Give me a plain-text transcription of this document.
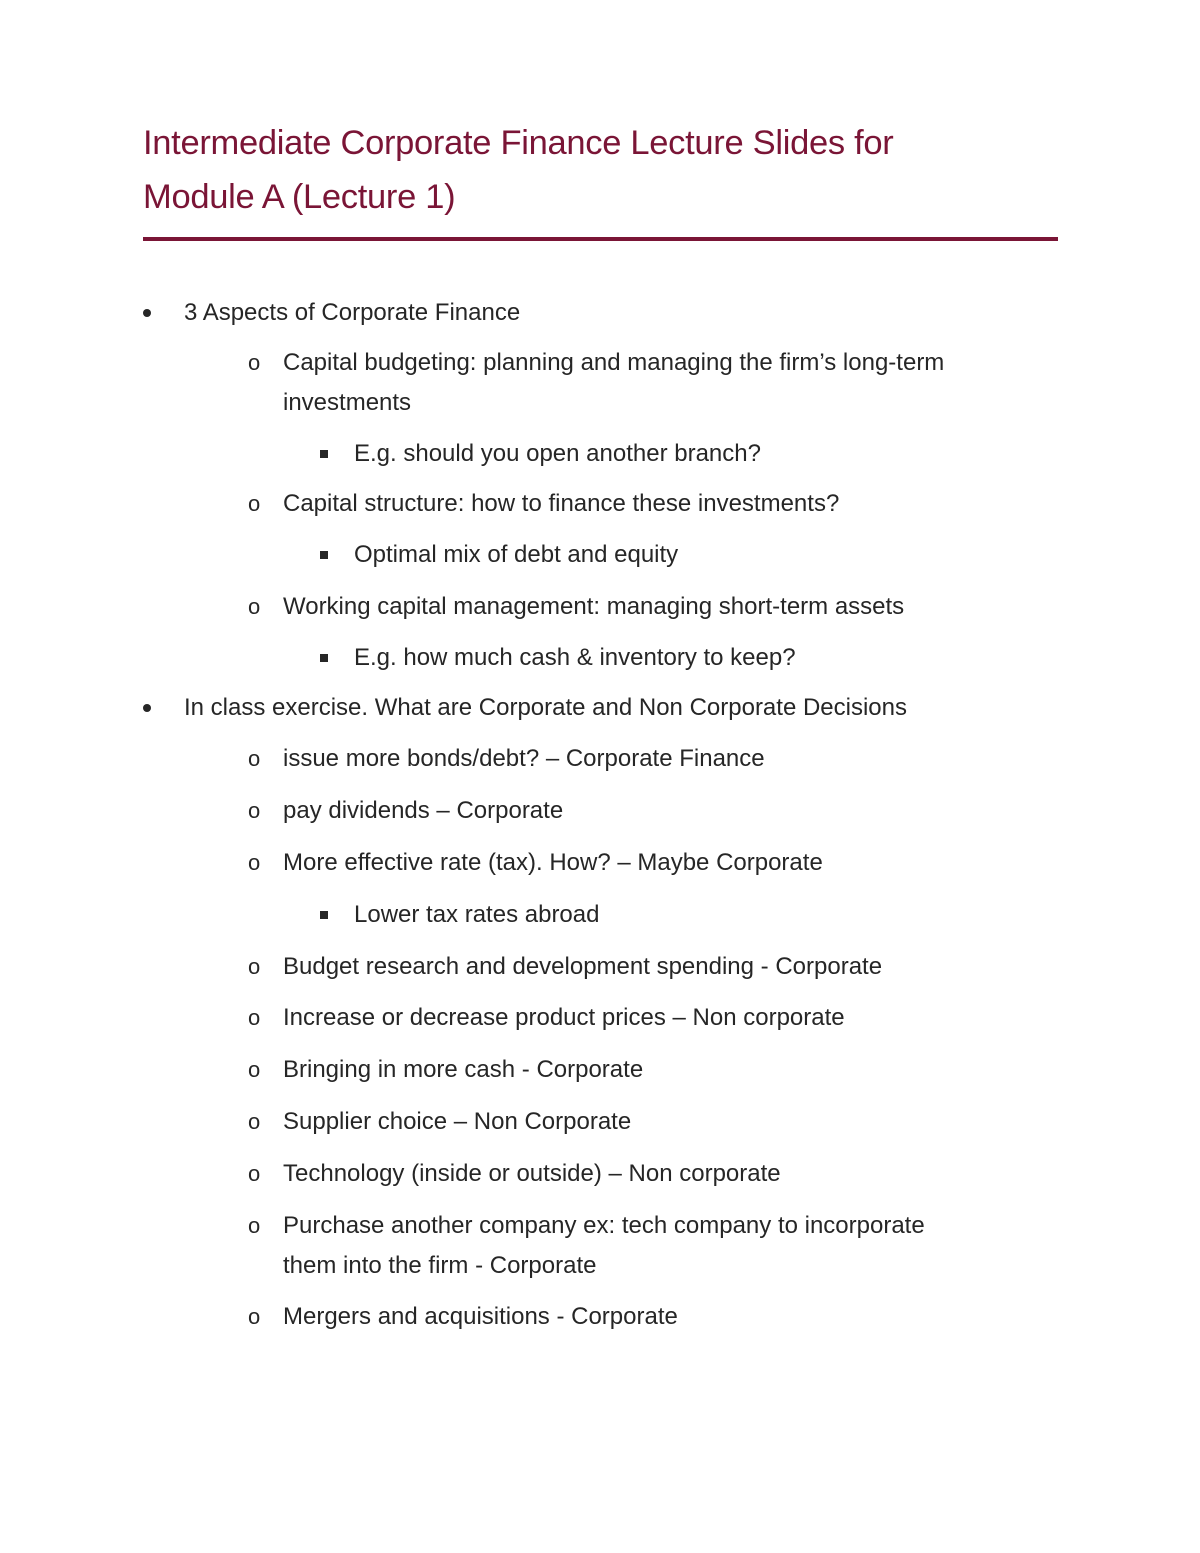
Intermediate Corporate Finance Lecture Slides for
Module A (Lecture 1)
3 Aspects of Corporate Finance
o Capital budgeting: planning and managing the firm’s long-term
investments
E.g. should you open another branch?
o Capital structure: how to finance these investments?
Optimal mix of debt and equity
o Working capital management: managing short-term assets
E.g. how much cash & inventory to keep?
In class exercise. What are Corporate and Non Corporate Decisions
o issue more bonds/debt? – Corporate Finance
o pay dividends – Corporate
o More effective rate (tax). How? – Maybe Corporate
Lower tax rates abroad
o Budget research and development spending - Corporate
o Increase or decrease product prices – Non corporate
o Bringing in more cash - Corporate
o Supplier choice – Non Corporate
o Technology (inside or outside) – Non corporate
o Purchase another company ex: tech company to incorporate
them into the firm - Corporate
o Mergers and acquisitions - Corporate
